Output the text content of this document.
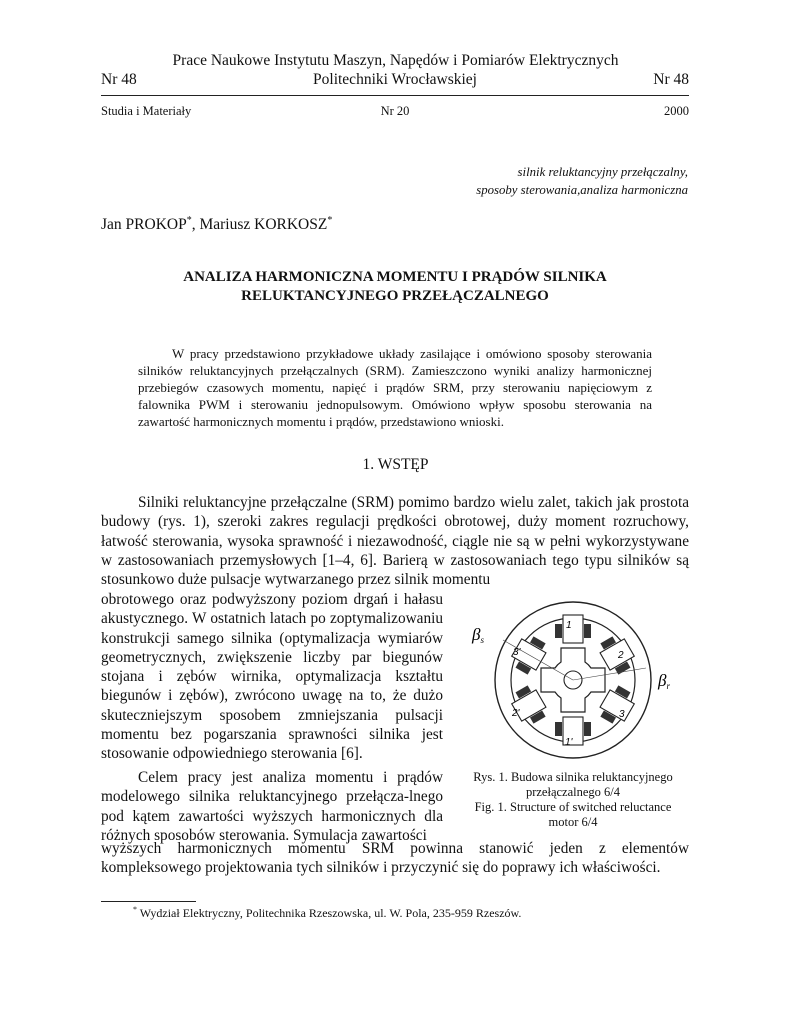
Prace Naukowe Instytutu Maszyn, Napędów i Pomiarów Elektrycznych
Politechniki Wrocławskiej
Nr 48	Nr 48
Nr 20
Studia i Materiały	2000
silnik reluktancyjny przełączalny,
sposoby sterowania,analiza harmoniczna
Jan PROKOP*, Mariusz KORKOSZ*
ANALIZA HARMONICZNA MOMENTU I PRĄDÓW SILNIKA
RELUKTANCYJNEGO PRZEŁĄCZALNEGO
W pracy przedstawiono przykładowe układy zasilające i omówiono sposoby sterowania silników reluktancyjnych przełączalnych (SRM). Zamieszczono wyniki analizy harmonicznej przebiegów czasowych momentu, napięć i prądów SRM, przy sterowaniu napięciowym z falownika PWM i sterowaniu jednopulsowym. Omówiono wpływ sposobu sterowania na zawartość harmonicznych momentu i prądów, przedstawiono wnioski.
1. WSTĘP
Silniki reluktancyjne przełączalne (SRM) pomimo bardzo wielu zalet, takich jak prostota budowy (rys. 1), szeroki zakres regulacji prędkości obrotowej, duży moment rozruchowy, łatwość sterowania, wysoka sprawność i niezawodność, ciągle nie są w pełni wykorzystywane w zastosowaniach przemysłowych [1–4, 6]. Barierą w zastosowaniach tego typu silników są stosunkowo duże pulsacje wytwarzanego przez silnik momentu
obrotowego oraz podwyższony poziom drgań i hałasu akustycznego. W ostatnich latach po zoptymalizowaniu konstrukcji samego silnika (optymalizacja wymiarów geometrycznych, zwiększenie liczby par biegunów stojana i zębów wirnika, optymalizacja kształtu biegunów i zębów), zwrócono uwagę na to, że dużo skuteczniejszym sposobem zmniejszania pulsacji momentu bez pogarszania sprawności silnika jest stosowanie odpowiedniego sterowania [6].
Celem pracy jest analiza momentu i prądów modelowego silnika reluktancyjnego przełącza-lnego pod kątem zawartości wyższych harmonicznych dla różnych sposobów sterowania. Symulacja zawartości
wyższych harmonicznych momentu SRM powinna stanowić jeden z elementów kompleksowego projektowania tych silników i przyczynić się do poprawy ich właściwości.
1
2
3
1'
2'
3'
βs
βr
Rys. 1. Budowa silnika reluktancyjnego
przełączalnego 6/4
Fig. 1. Structure of switched reluctance
motor 6/4
* Wydział Elektryczny, Politechnika Rzeszowska, ul. W. Pola, 235-959 Rzeszów.
